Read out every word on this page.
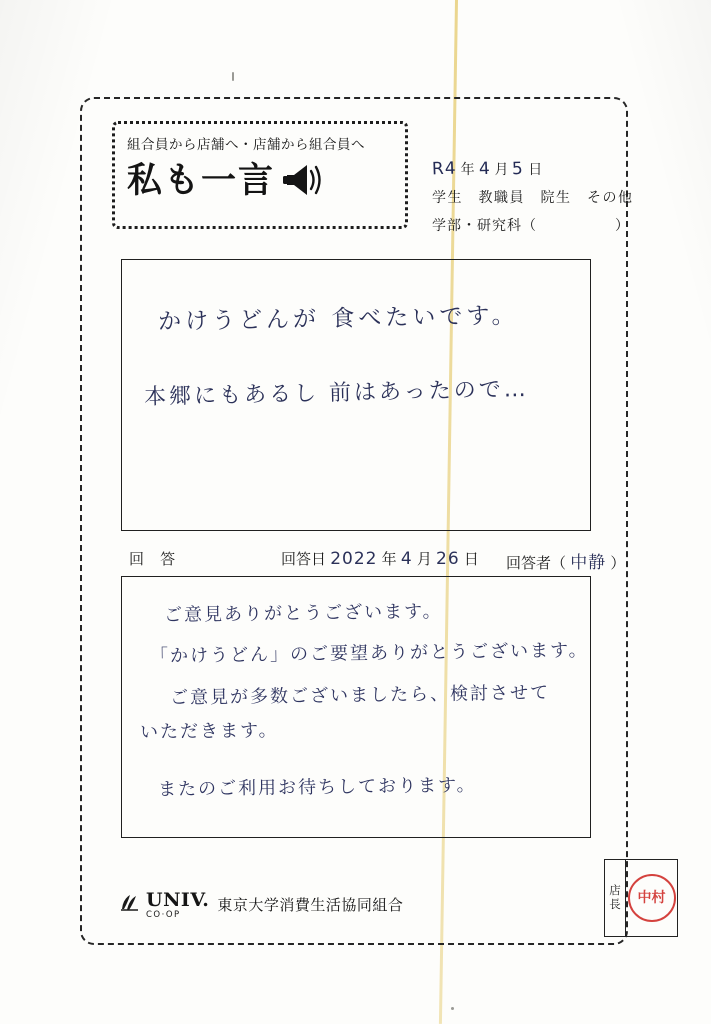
組合員から店舗へ・店舗から組合員へ
私も一言	R4 年 4 月 5 日
学生　教職員　院生　その他
学部・研究科（	）
かけうどんが 食べたいです。
本郷にもあるし 前はあったので…
回 答	回答日 2022 年 4 月 26 日 回答者（ 中静 ）
ご意見ありがとうございます。
「かけうどん」のご要望ありがとうございます。
ご意見が多数ございましたら、検討させて
いただきます。
またのご利用お待ちしております。
UNIV.
CO·OP
東京大学消費生活協同組合
店
長	中村
